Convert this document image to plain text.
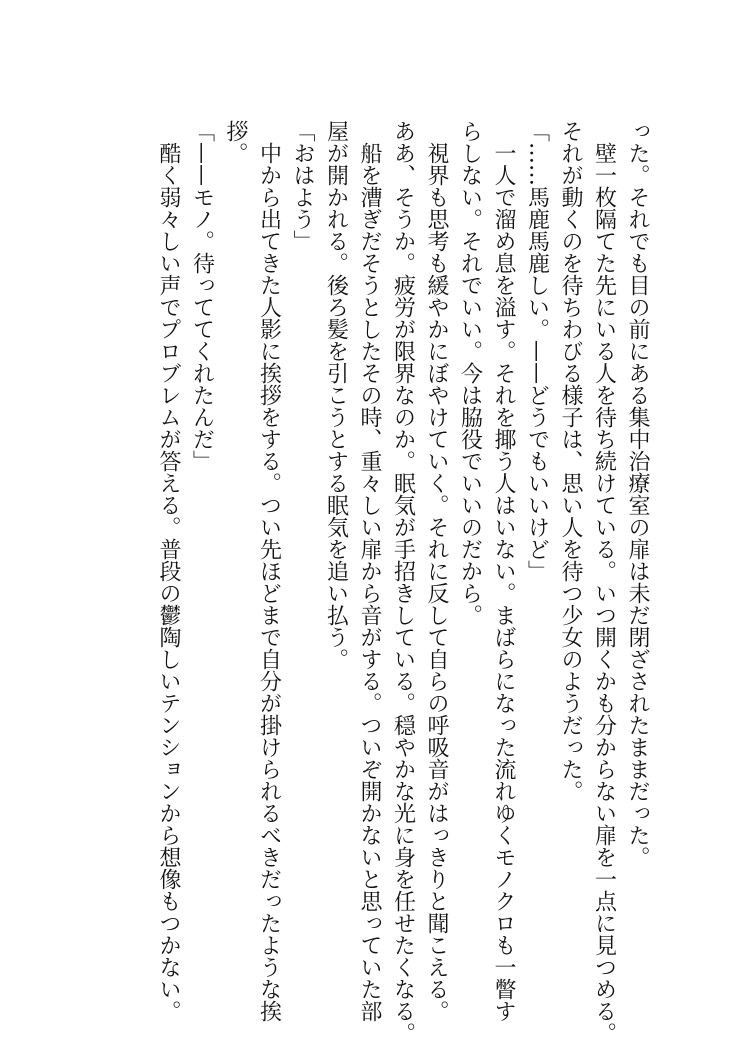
った。それでも目の前にある集中治療室の扉は未だ閉ざされたままだった。
　壁一枚隔てた先にいる人を待ち続けている。いつ開くかも分からない扉を一点に見つめる。
それが動くのを待ちわびる様子は、思い人を待つ少女のようだった。
「……馬鹿馬鹿しい。——どうでもいいけど」
　一人で溜め息を溢す。それを揶う人はいない。まばらになった流れゆくモノクロも一瞥す
らしない。それでいい。今は脇役でいいのだから。
　視界も思考も緩やかにぼやけていく。それに反して自らの呼吸音がはっきりと聞こえる。
ああ、そうか。疲労が限界なのか。眠気が手招きしている。穏やかな光に身を任せたくなる。
　船を漕ぎだそうとしたその時、重々しい扉から音がする。ついぞ開かないと思っていた部
屋が開かれる。後ろ髪を引こうとする眠気を追い払う。
「おはよう」
　中から出てきた人影に挨拶をする。つい先ほどまで自分が掛けられるべきだったような挨
拶。
「——モノ。待っててくれたんだ」
　酷く弱々しい声でプロブレムが答える。普段の鬱陶しいテンションから想像もつかない。
